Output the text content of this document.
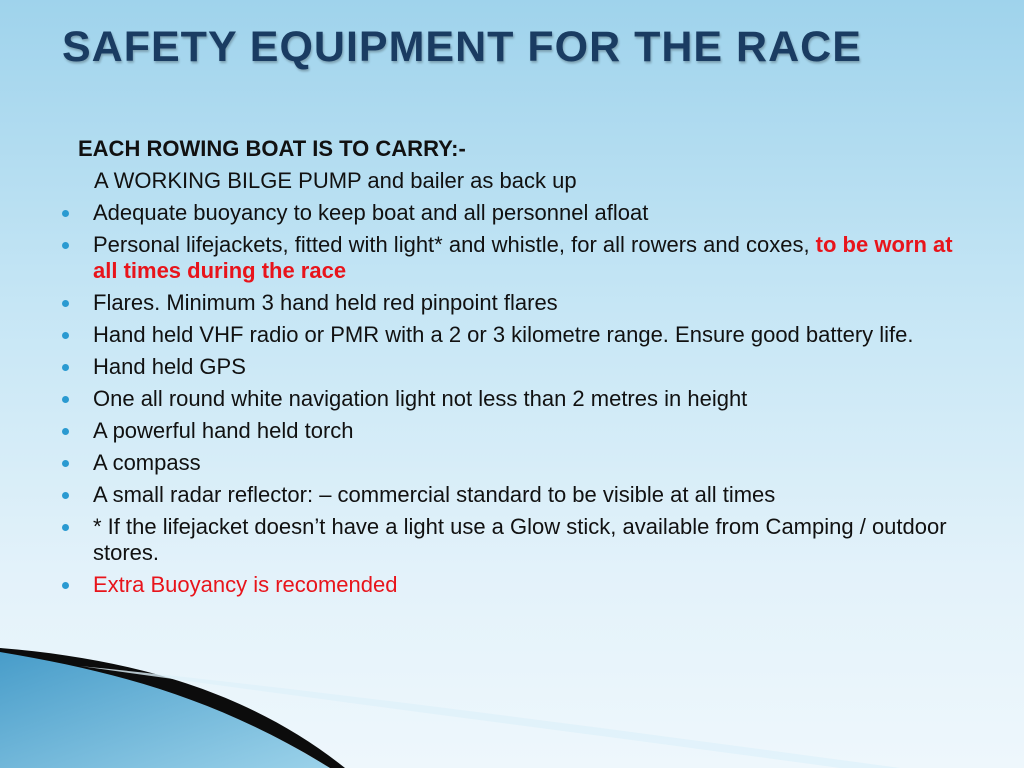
SAFETY EQUIPMENT FOR THE RACE
EACH ROWING BOAT IS TO CARRY:-
A WORKING BILGE PUMP and bailer as back up
Adequate buoyancy to keep boat and all personnel afloat
Personal lifejackets, fitted with light* and whistle, for all rowers and coxes, to be worn at all times during the race
Flares. Minimum 3 hand held red pinpoint flares
Hand held VHF radio or PMR with a 2 or 3 kilometre range. Ensure good battery life.
Hand held GPS
One all round white navigation light not less than 2 metres in height
A powerful hand held torch
A compass
A small radar reflector: – commercial standard to be visible at all times
* If the lifejacket doesn’t have a light use a Glow stick, available from Camping / outdoor stores.
Extra Buoyancy is recomended
